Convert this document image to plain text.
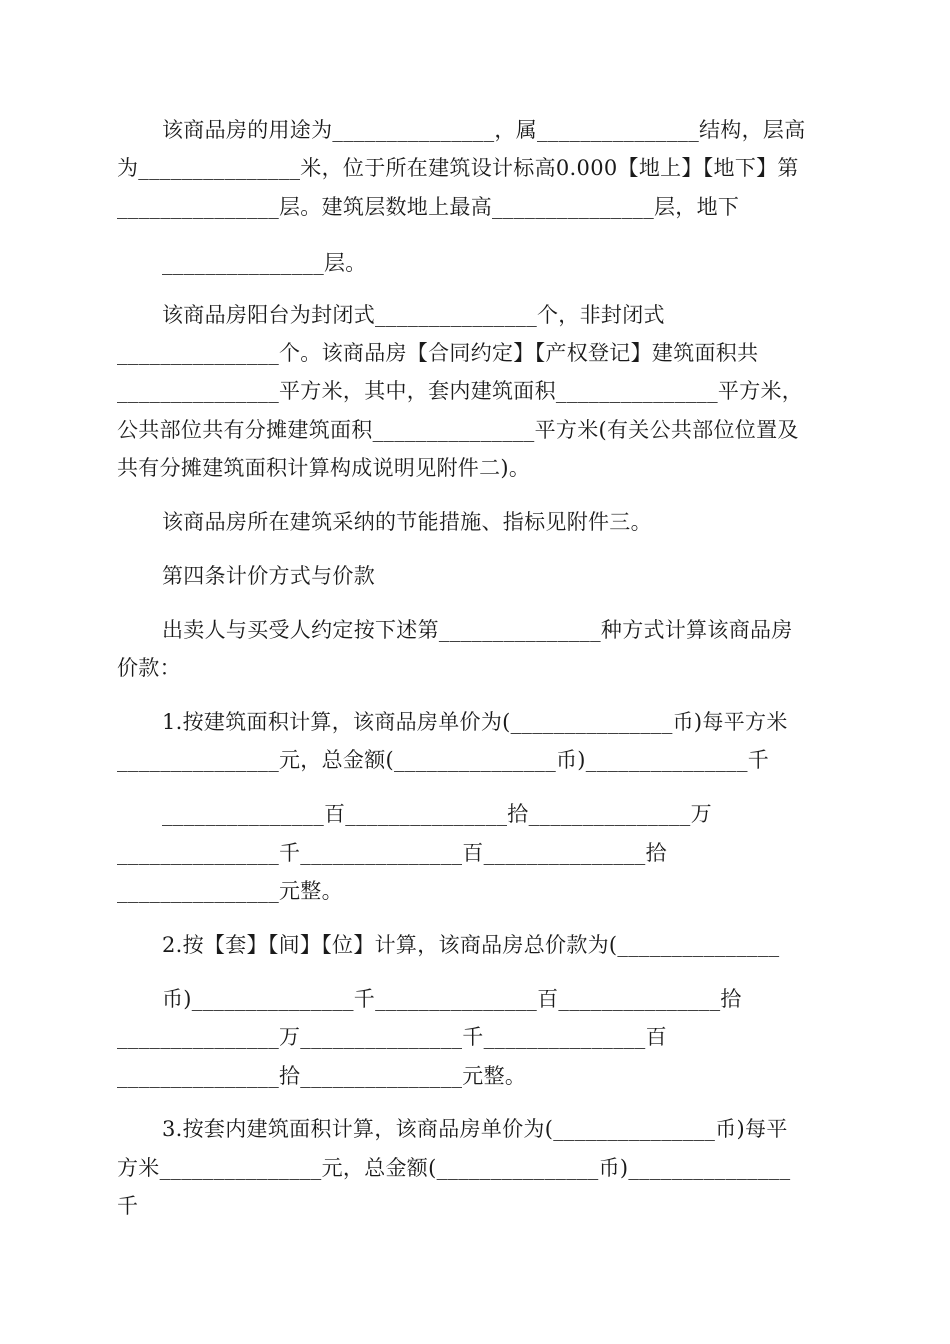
该商品房的用途为_______________，属_______________结构，层高
为_______________米，位于所在建筑设计标高0.000【地上】【地下】第
_______________层。建筑层数地上最高_______________层，地下
_______________层。
该商品房阳台为封闭式_______________个，非封闭式
_______________个。该商品房【合同约定】【产权登记】建筑面积共
_______________平方米，其中，套内建筑面积_______________平方米，
公共部位共有分摊建筑面积_______________平方米(有关公共部位位置及
共有分摊建筑面积计算构成说明见附件二)。
该商品房所在建筑采纳的节能措施、指标见附件三。
第四条计价方式与价款
出卖人与买受人约定按下述第_______________种方式计算该商品房
价款：
1.按建筑面积计算，该商品房单价为(_______________币)每平方米
_______________元，总金额(_______________币)_______________千
_______________百_______________拾_______________万
_______________千_______________百_______________拾
_______________元整。
2.按【套】【间】【位】计算，该商品房总价款为(_______________
币)_______________千_______________百_______________拾
_______________万_______________千_______________百
_______________拾_______________元整。
3.按套内建筑面积计算，该商品房单价为(_______________币)每平
方米_______________元，总金额(_______________币)_______________
千
